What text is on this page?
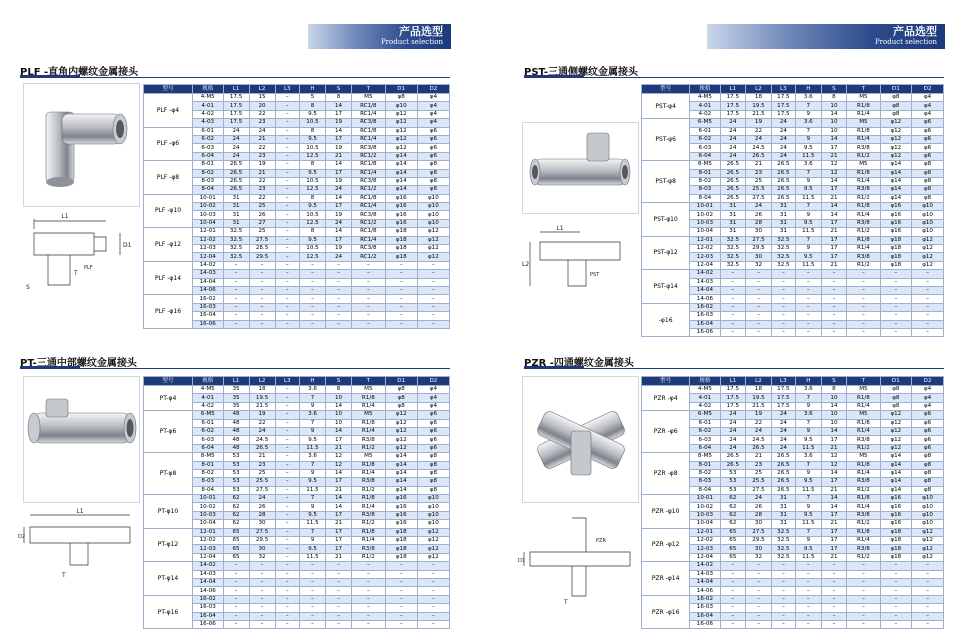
产品选型
Product selection
产品选型
Product selection
PLF -直角内螺纹金属接头	PST-三通侧螺纹金属接头
PT-三通中部螺纹金属接头	PZR -四通螺纹金属接头
L1
D1
T
S
PLF
L1
L2
PST
L1
D2
T
PZR
D1
T
型号	规格	L1	L2	L3	H	S	T	D1	D2
PLF -φ4	4-M5	17.5	15	–	5	8	M5	φ8	φ4
	4-01	17.5	20	–	8	14	RC1/8	φ10	φ4
	4-02	17.5	22	–	9.5	17	RC1/4	φ12	φ4
	4-03	17.5	23	–	10.5	19	RC3/8	φ12	φ4
PLF -φ6	6-01	24	24	–	8	14	RC1/8	φ12	φ6
	6-02	24	21	–	9.5	17	RC1/4	φ12	φ6
	6-03	24	22	–	10.5	19	RC3/8	φ12	φ6
	6-04	24	23	–	12.5	21	RC1/2	φ14	φ6
PLF -φ8	8-01	26.5	19	–	8	14	RC1/8	φ14	φ8
	8-02	26.5	21	–	9.5	17	RC1/4	φ14	φ8
	8-03	26.5	22	–	10.5	19	RC3/8	φ14	φ8
	8-04	26.5	23	–	12.5	24	RC1/2	φ14	φ8
PLF -φ10	10-01	31	22	–	8	14	RC1/8	φ16	φ10
	10-02	31	25	–	9.5	17	RC1/4	φ16	φ10
	10-03	31	26	–	10.5	19	RC3/8	φ16	φ10
	10-04	31	27	–	12.5	24	RC1/2	φ16	φ10
PLF -φ12	12-01	32.5	25	–	8	14	RC1/8	φ18	φ12
	12-02	32.5	27.5	–	9.5	17	RC1/4	φ18	φ12
	12-03	32.5	28.5	–	10.5	19	RC3/8	φ18	φ12
	12-04	32.5	29.5	–	12.5	24	RC1/2	φ18	φ12
PLF -φ14	14-02	–	–	–	–	–	–	–	–
	14-03	–	–	–	–	–	–	–	–
	14-04	–	–	–	–	–	–	–	–
	14-06	–	–	–	–	–	–	–	–
PLF -φ16	16-02	–	–	–	–	–	–	–	–
	16-03	–	–	–	–	–	–	–	–
	16-04	–	–	–	–	–	–	–	–
	16-06	–	–	–	–	–	–	–	–
型号	规格	L1	L2	L3	H	S	T	D1	D2
PST-φ4	4-M5	17.5	18	17.5	3.6	8	M5	φ8	φ4
	4-01	17.5	19.5	17.5	7	10	R1/8	φ8	φ4
	4-02	17.5	21.5	17.5	9	14	R1/4	φ8	φ4
PST-φ6	6-M5	24	19	24	3.6	10	M5	φ12	φ6
	6-01	24	22	24	7	10	R1/8	φ12	φ6
	6-02	24	24	24	9	14	R1/4	φ12	φ6
	6-03	24	24.5	24	9.5	17	R3/8	φ12	φ6
	6-04	24	26.5	24	11.5	21	R1/2	φ12	φ6
PST-φ8	8-M5	26.5	21	26.5	3.6	12	M5	φ14	φ8
	8-01	26.5	23	26.5	7	12	R1/8	φ14	φ8
	8-02	26.5	25	26.5	9	14	R1/4	φ14	φ8
	8-03	26.5	25.5	26.5	9.5	17	R3/8	φ14	φ8
	8-04	26.5	27.5	26.5	11.5	21	R1/2	φ14	φ8
PST-φ10	10-01	31	24	31	7	14	R1/8	φ16	φ10
	10-02	31	26	31	9	14	R1/4	φ16	φ10
	10-03	31	28	31	9.5	17	R3/8	φ16	φ10
	10-04	31	30	31	11.5	21	R1/2	φ16	φ10
PST-φ12	12-01	32.5	27.5	32.5	7	17	R1/8	φ18	φ12
	12-02	32.5	29.5	32.5	9	17	R1/4	φ18	φ12
	12-03	32.5	30	32.5	9.5	17	R3/8	φ18	φ12
	12-04	32.5	32	32.5	11.5	21	R1/2	φ18	φ12
PST-φ14	14-02	–	–	–	–	–	–	–	–
	14-03	–	–	–	–	–	–	–	–
	14-04	–	–	–	–	–	–	–	–
	14-06	–	–	–	–	–	–	–	–
-φ16	16-02	–	–	–	–	–	–	–	–
	16-03	–	–	–	–	–	–	–	–
	16-04	–	–	–	–	–	–	–	–
	16-06	–	–	–	–	–	–	–	–
型号	规格	L1	L2	L3	H	S	T	D1	D2
PT-φ4	4-M5	35	18	–	3.6	8	M5	φ8	φ4
	4-01	35	19.5	–	7	10	R1/8	φ8	φ4
	4-02	35	21.5	–	9	14	R1/4	φ8	φ4
PT-φ6	6-M5	48	19	–	3.6	10	M5	φ12	φ6
	6-01	48	22	–	7	10	R1/8	φ12	φ6
	6-02	48	24	–	9	14	R1/4	φ12	φ6
	6-03	48	24.5	–	9.5	17	R3/8	φ12	φ6
	6-04	48	26.5	–	11.5	21	R1/2	φ12	φ6
PT-φ8	8-M5	53	21	–	3.6	12	M5	φ14	φ8
	8-01	53	23	–	7	12	R1/8	φ14	φ8
	8-02	53	25	–	9	14	R1/4	φ14	φ8
	8-03	53	25.5	–	9.5	17	R3/8	φ14	φ8
	8-04	53	27.5	–	11.5	21	R1/2	φ14	φ8
PT-φ10	10-01	62	24	–	7	14	R1/8	φ16	φ10
	10-02	62	26	–	9	14	R1/4	φ16	φ10
	10-03	62	28	–	9.5	17	R3/8	φ16	φ10
	10-04	62	30	–	11.5	21	R1/2	φ16	φ10
PT-φ12	12-01	65	27.5	–	7	17	R1/8	φ18	φ12
	12-02	65	29.5	–	9	17	R1/4	φ18	φ12
	12-03	65	30	–	9.5	17	R3/8	φ18	φ12
	12-04	65	32	–	11.5	21	R1/2	φ18	φ12
PT-φ14	14-02	–	–	–	–	–	–	–	–
	14-03	–	–	–	–	–	–	–	–
	14-04	–	–	–	–	–	–	–	–
	14-06	–	–	–	–	–	–	–	–
PT-φ16	16-02	–	–	–	–	–	–	–	–
	16-03	–	–	–	–	–	–	–	–
	16-04	–	–	–	–	–	–	–	–
	16-06	–	–	–	–	–	–	–	–
型号	规格	L1	L2	L3	H	S	T	D1	D2
PZR -φ4	4-M5	17.5	18	17.5	3.6	8	M5	φ8	φ4
	4-01	17.5	19.5	17.5	7	10	R1/8	φ8	φ4
	4-02	17.5	21.5	17.5	9	14	R1/4	φ8	φ4
PZR -φ6	6-M5	24	19	24	3.6	10	M5	φ12	φ6
	6-01	24	22	24	7	10	R1/8	φ12	φ6
	6-02	24	24	24	9	14	R1/4	φ12	φ6
	6-03	24	24.5	24	9.5	17	R3/8	φ12	φ6
	6-04	24	26.5	24	11.5	21	R1/2	φ12	φ6
PZR -φ8	8-M5	26.5	21	26.5	3.6	12	M5	φ14	φ8
	8-01	26.5	23	26.5	7	12	R1/8	φ14	φ8
	8-02	53	25	26.5	9	14	R1/4	φ14	φ8
	8-03	53	25.5	26.5	9.5	17	R3/8	φ14	φ8
	8-04	53	27.5	26.5	11.5	21	R1/2	φ14	φ8
PZR -φ10	10-01	62	24	31	7	14	R1/8	φ16	φ10
	10-02	62	26	31	9	14	R1/4	φ16	φ10
	10-03	62	28	31	9.5	17	R3/8	φ16	φ10
	10-04	62	30	31	11.5	21	R1/2	φ16	φ10
PZR -φ12	12-01	65	27.5	32.5	7	17	R1/8	φ18	φ12
	12-02	65	29.5	32.5	9	17	R1/4	φ18	φ12
	12-03	65	30	32.5	9.5	17	R3/8	φ18	φ12
	12-04	65	32	32.5	11.5	21	R1/2	φ18	φ12
PZR -φ14	14-02	–	–	–	–	–	–	–	–
	14-03	–	–	–	–	–	–	–	–
	14-04	–	–	–	–	–	–	–	–
	14-06	–	–	–	–	–	–	–	–
PZR -φ16	16-02	–	–	–	–	–	–	–	–
	16-03	–	–	–	–	–	–	–	–
	16-04	–	–	–	–	–	–	–	–
	16-06	–	–	–	–	–	–	–	–
